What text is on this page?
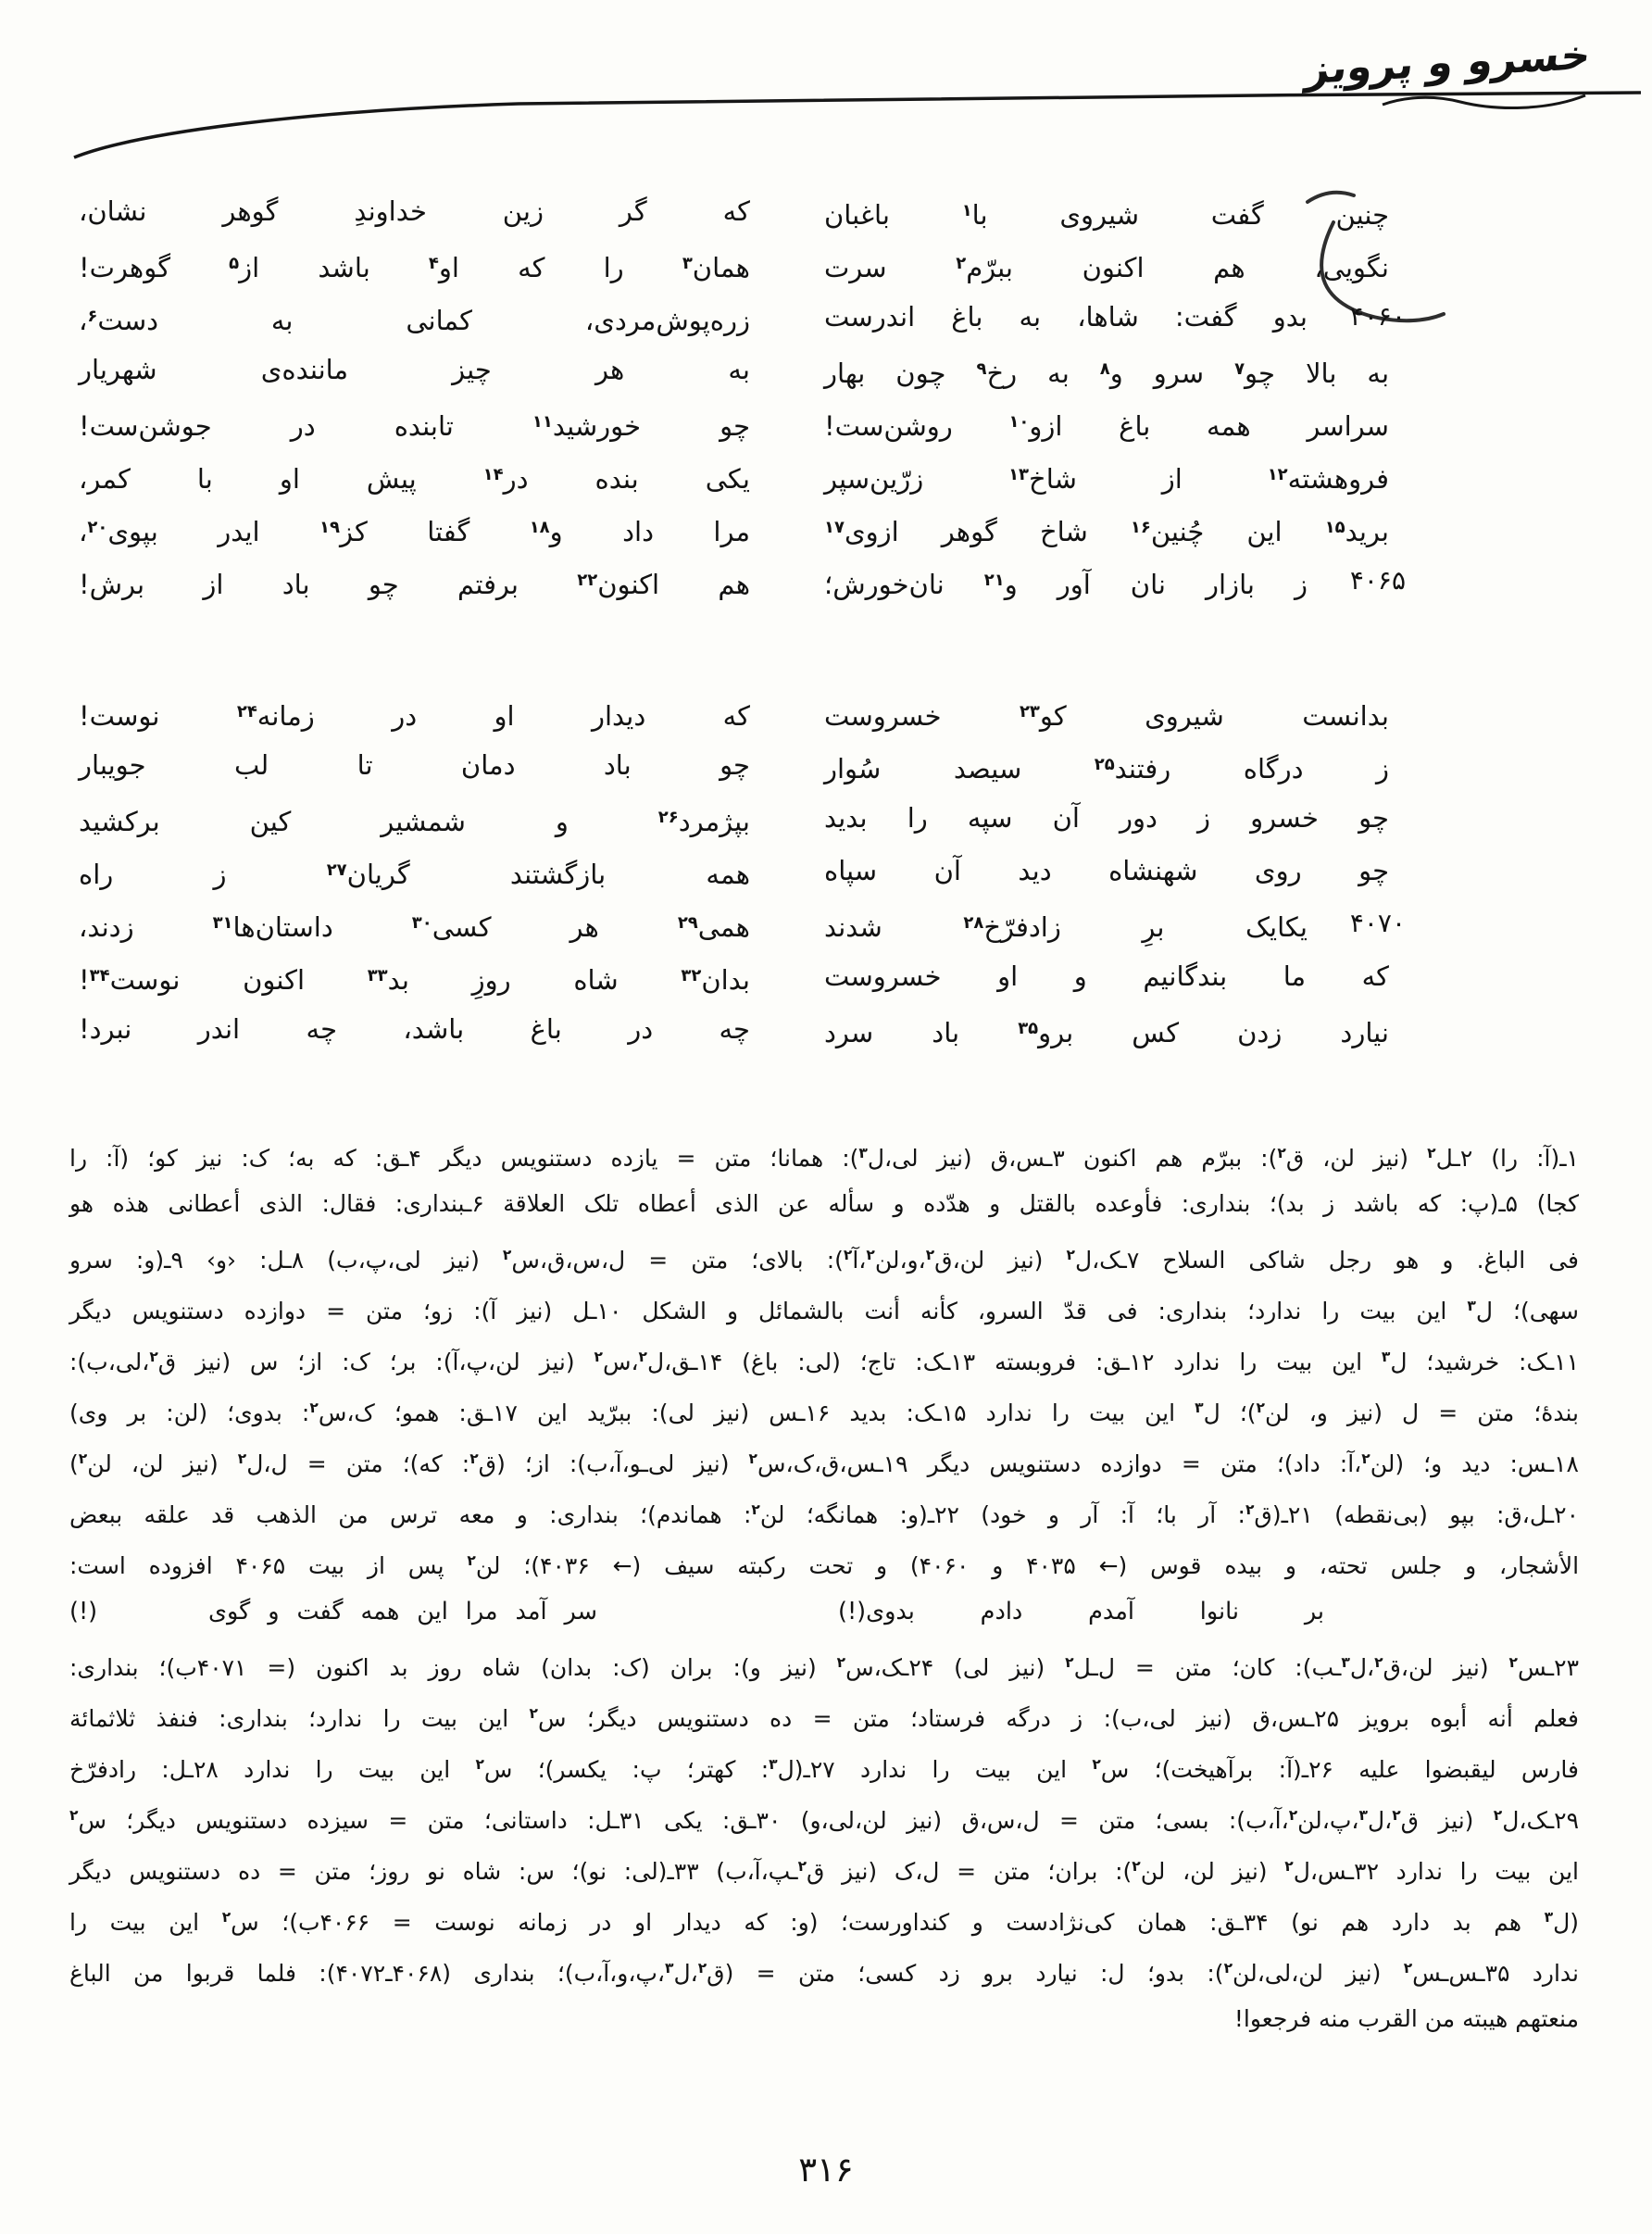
خسرو و پرویز
چنین گفت شیروی با$^۱$ باغبان
که گر زین خداوندِ گوهر نشان،
نگویی، هم اکنون ببرّم$^۲$ سرت
همان$^۳$ را که او$^۴$ باشد از$^۵$ گوهرت!
۴۰۶۰
بدو گفت: شاها، به باغ اندرست
زره‌پوش‌مردی، کمانی به دست$^۶$،
به بالا چو$^۷$ سرو و$^۸$ به رخ$^۹$ چون بهار
به هر چیز ماننده‌ی شهریار
سراسر همه باغ ازو$^{۱۰}$ روشن‌ست!
چو خورشید$^{۱۱}$ تابنده در جوشن‌ست!
فروهشته$^{۱۲}$ از شاخ$^{۱۳}$ زرّین‌سپر
یکی بنده در$^{۱۴}$ پیش او با کمر،
برید$^{۱۵}$ این چُنین$^{۱۶}$ شاخ گوهر ازوی$^{۱۷}$
مرا داد و$^{۱۸}$ گفتا کز$^{۱۹}$ ایدر بپوی$^{۲۰}$،
۴۰۶۵
ز بازار نان آور و$^{۲۱}$ نان‌خورش؛
هم اکنون$^{۲۲}$ برفتم چو باد از برش!
بدانست شیروی کو$^{۲۳}$ خسروست
که دیدار او در زمانه$^{۲۴}$ نوست!
ز درگاه رفتند$^{۲۵}$ سیصد سُوار
چو باد دمان تا لب جویبار
چو خسرو ز دور آن سپه را بدید
بپژمرد$^{۲۶}$ و شمشیر کین برکشید
چو روی شهنشاه دید آن سپاه
همه بازگشتند گریان$^{۲۷}$ ز راه
۴۰۷۰
یکایک برِ زادفرّخ$^{۲۸}$ شدند
همی$^{۲۹}$ هر کسی$^{۳۰}$ داستان‌ها$^{۳۱}$ زدند،
که ما بندگانیم و او خسروست
بدان$^{۳۲}$ شاه روزِ بد$^{۳۳}$ اکنون نوست$^{۳۴}$!
نیارد زدن کس برو$^{۳۵}$ باد سرد
چه در باغ باشد، چه اندر نبرد!

۱ـ(آ: را) ۲ـل$^۲$ (نیز لن، ق$^۲$): ببرّم هم اکنون ۳ـس،ق (نیز لی،ل$^۳$): همانا؛ متن = یازده دستنویس دیگر ۴ـق: که به؛ ک: نیز کو؛ (آ: را

کجا) ۵ـ(پ: که باشد ز بد)؛ بنداری: فأوعده بالقتل و هدّده و سأله عن الذی أعطاه تلک العلاقة ۶ـبنداری: فقال: الذی أعطانی هذه هو

فی الباغ. و هو رجل شاکی السلاح ۷ـک،ل$^۲$ (نیز لن،ق$^۲$،و،لن$^۲$،آ$^۲$): بالای؛ متن = ل،س،ق،س$^۲$ (نیز لی،پ،ب) ۸ـل: ‹و› ۹ـ(و: سرو

سهی)؛ ل$^۳$ این بیت را ندارد؛ بنداری: فی قدّ السرو، کأنه أنت بالشمائل و الشکل ۱۰ـل (نیز آ): زو؛ متن = دوازده دستنویس دیگر

۱۱ـک: خرشید؛ ل$^۳$ این بیت را ندارد ۱۲ـق: فروبسته ۱۳ـک: تاج؛ (لی: باغ) ۱۴ـق،ل$^۲$،س$^۲$ (نیز لن،پ،آ): بر؛ ک: از؛ س (نیز ق$^۲$،لی،ب):

بندهٔ؛ متن = ل (نیز و، لن$^۲$)؛ ل$^۳$ این بیت را ندارد ۱۵ـک: بدید ۱۶ـس (نیز لی): ببرّید این ۱۷ـق: همو؛ ک،س$^۲$: بدوی؛ (لن: بر وی)

۱۸ـس: دید و؛ (لن$^۲$،آ: داد)؛ متن = دوازده دستنویس دیگر ۱۹ـس،ق،ک،س$^۲$ (نیز لی‌ـو،آ،ب): از؛ (ق$^۲$: که)؛ متن = ل،ل$^۲$ (نیز لن، لن$^۲$)

۲۰ـل،ق: بپو (بی‌نقطه) ۲۱ـ(ق$^۲$: آر با؛ آ: آر و خود) ۲۲ـ(و: همانگه؛ لن$^۲$: هماندم)؛ بنداری: و معه ترس من الذهب قد علقه ببعض

الأشجار، و جلس تحته، و بیده قوس (← ۴۰۳۵ و ۴۰۶۰) و تحت رکبته سیف (← ۴۰۳۶)؛ لن$^۲$ پس از بیت ۴۰۶۵ افزوده است:

بر نانوا آمدم دادم بدوی(!)
سر آمد مرا این همه گفت و گوی
(!)

۲۳ـس$^۲$ (نیز لن،ق$^۲$،ل$^۳$ـب): کان؛ متن = ل‌ـل$^۲$ (نیز لی) ۲۴ـک،س$^۲$ (نیز و): بران (ک: بدان) شاه روز بد اکنون (= ۴۰۷۱ب)؛ بنداری:

فعلم أنه أبوه برویز ۲۵ـس،ق (نیز لی،ب): ز درگه فرستاد؛ متن = ده دستنویس دیگر؛ س$^۲$ این بیت را ندارد؛ بنداری: فنفذ ثلاثمائة

فارس لیقبضوا علیه ۲۶ـ(آ: برآهیخت)؛ س$^۲$ این بیت را ندارد ۲۷ـ(ل$^۳$: کهتر؛ پ: یکسر)؛ س$^۲$ این بیت را ندارد ۲۸ـل: رادفرّخ

۲۹ـک،ل$^۲$ (نیز ق$^۲$،ل$^۳$،پ،لن$^۲$،آ،ب): بسی؛ متن = ل،س،ق (نیز لن،لی،و) ۳۰ـق: یکی ۳۱ـل: داستانی؛ متن = سیزده دستنویس دیگر؛ س$^۲$

این بیت را ندارد ۳۲ـس،ل$^۲$ (نیز لن، لن$^۲$): بران؛ متن = ل،ک (نیز ق$^۲$ـپ،آ،ب) ۳۳ـ(لی: نو)؛ س: شاه نو روز؛ متن = ده دستنویس دیگر

(ل$^۳$ هم بد دارد هم نو) ۳۴ـق: همان کی‌نژادست و کنداورست؛ (و: که دیدار او در زمانه نوست = ۴۰۶۶ب)؛ س$^۲$ این بیت را

ندارد ۳۵ـس‌ـس$^۲$ (نیز لن،لی،لن$^۲$): بدو؛ ل: نیارد برو زد کسی؛ متن = (ق$^۲$،ل$^۳$،پ،و،آ،ب)؛ بنداری (۴۰۶۸ـ۴۰۷۲): فلما قربوا من الباغ

منعتهم هیبته من القرب منه فرجعوا!

۳۱۶
